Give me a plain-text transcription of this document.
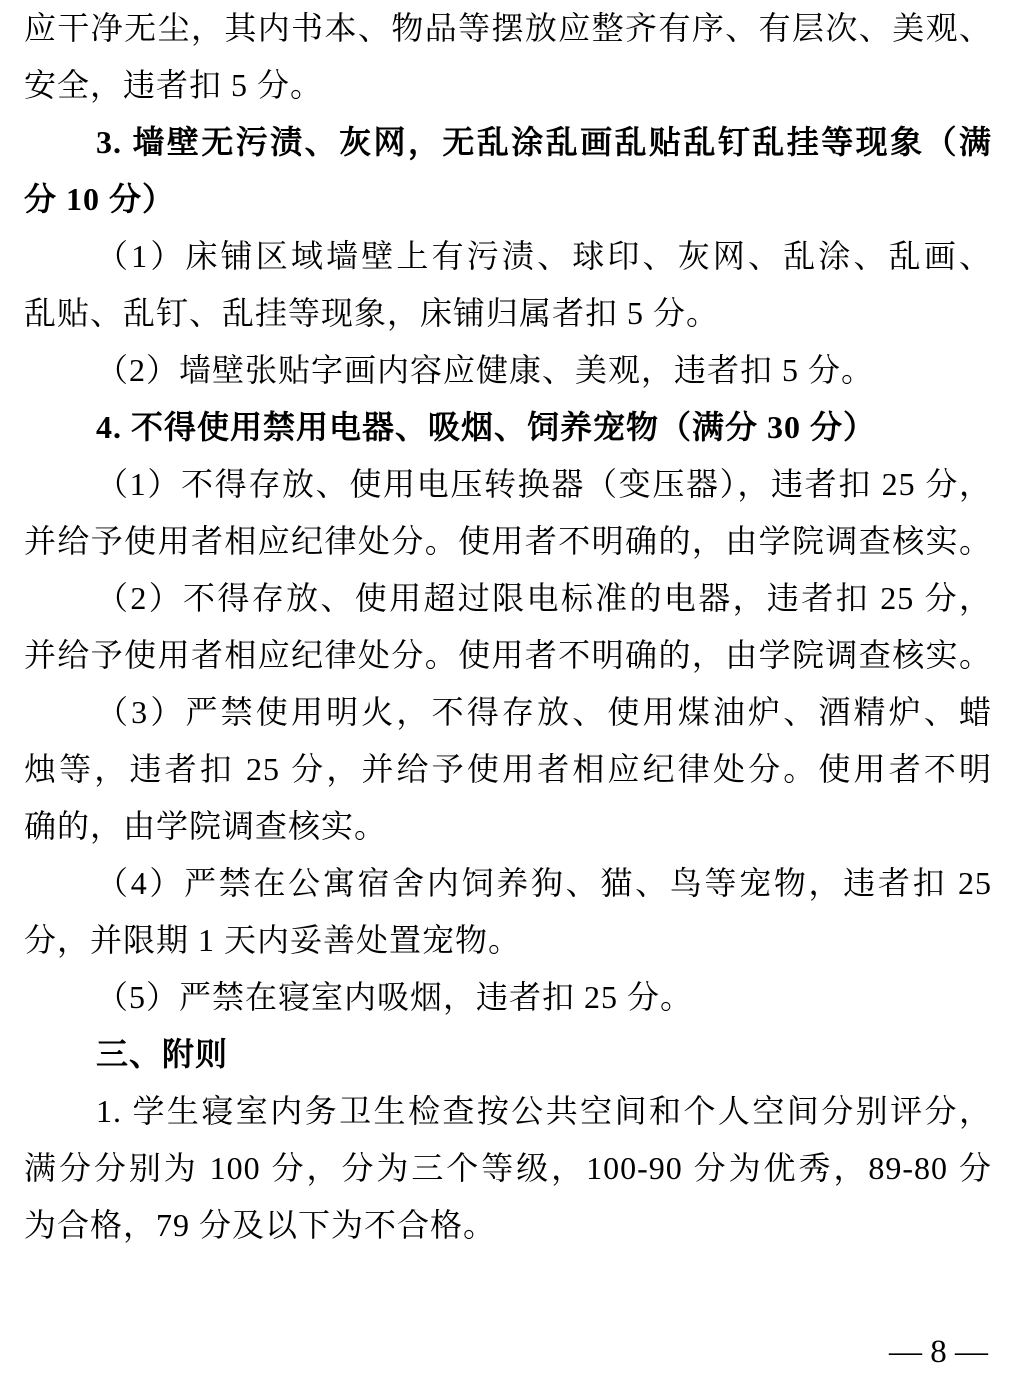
应干净无尘，其内书本、物品等摆放应整齐有序、有层次、美观、

安全，违者扣 5 分。

3. 墙壁无污渍、灰网，无乱涂乱画乱贴乱钉乱挂等现象（满

分 10 分）

（1）床铺区域墙壁上有污渍、球印、灰网、乱涂、乱画、

乱贴、乱钉、乱挂等现象，床铺归属者扣 5 分。

（2）墙壁张贴字画内容应健康、美观，违者扣 5 分。

4. 不得使用禁用电器、吸烟、饲养宠物（满分 30 分）

（1）不得存放、使用电压转换器（变压器），违者扣 25 分，

并给予使用者相应纪律处分。使用者不明确的，由学院调查核实。

（2）不得存放、使用超过限电标准的电器，违者扣 25 分，

并给予使用者相应纪律处分。使用者不明确的，由学院调查核实。

（3）严禁使用明火，不得存放、使用煤油炉、酒精炉、蜡

烛等，违者扣 25 分，并给予使用者相应纪律处分。使用者不明

确的，由学院调查核实。

（4）严禁在公寓宿舍内饲养狗、猫、鸟等宠物，违者扣 25

分，并限期 1 天内妥善处置宠物。

（5）严禁在寝室内吸烟，违者扣 25 分。

三、附则

1. 学生寝室内务卫生检查按公共空间和个人空间分别评分，

满分分别为 100 分，分为三个等级，100-90 分为优秀，89-80 分

为合格，79 分及以下为不合格。

— 8 —
